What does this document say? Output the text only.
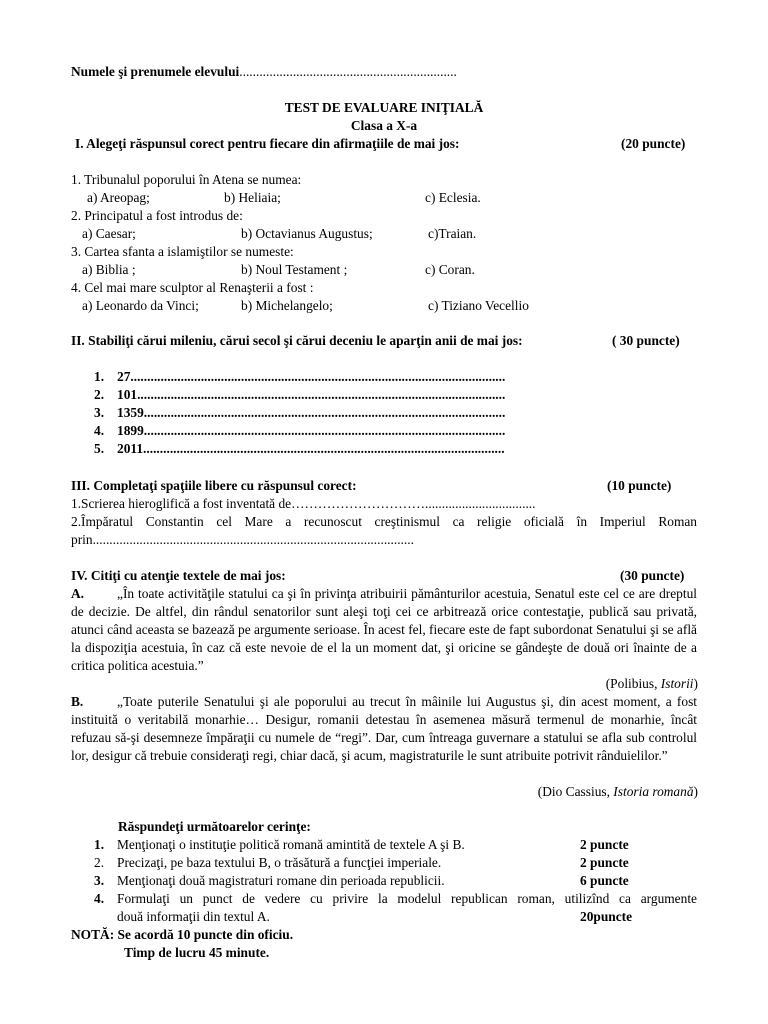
Numele şi prenumele elevului.................................................................
TEST DE EVALUARE INIŢIALĂ
Clasa a X-a
I. Alegeţi răspunsul corect pentru fiecare din afirmaţiile de mai jos:	(20 puncte)
1. Tribunalul poporului în Atena se numea:
a) Areopag;	b) Heliaia;	c) Eclesia.
2. Principatul a fost introdus de:
a) Caesar;	b) Octavianus Augustus;	c)Traian.
3. Cartea sfanta a islamiştilor se numeste:
a) Biblia ;	b) Noul Testament ;	c) Coran.
4. Cel mai mare sculptor al Renaşterii a fost :
a) Leonardo da Vinci;	b) Michelangelo;	c) Tiziano Vecellio
II. Stabiliţi cărui mileniu, cărui secol şi cărui deceniu le aparţin anii de mai jos:	( 30 puncte)
1. 27................................................................................................................
2. 101..............................................................................................................
3. 1359............................................................................................................
4. 1899............................................................................................................
5. 2011............................................................................................................
III. Completaţi spaţiile libere cu răspunsul corect:	(10 puncte)
1.Scrierea hieroglifică a fost inventată de………………………….................................
2.Împăratul Constantin cel Mare a recunoscut creştinismul ca religie oficială în Imperiul Roman prin................................................................................................
IV. Citiţi cu atenţie textele de mai jos:	(30 puncte)
A. „În toate activităţile statului ca şi în privinţa atribuirii pământurilor acestuia, Senatul este cel ce are dreptul de decizie. De altfel, din rândul senatorilor sunt aleşi toţi cei ce arbitrează orice contestaţie, publică sau privată, atunci când aceasta se bazează pe argumente serioase. În acest fel, fiecare este de fapt subordonat Senatului şi se află la dispoziţia acestuia, în caz că este nevoie de el la un moment dat, şi oricine se gândeşte de două ori înainte de a critica politica acestuia.”
(Polibius, Istorii)
B.	„Toate puterile Senatului şi ale poporului au trecut în mâinile lui Augustus şi, din acest moment, a fost instituită o veritabilă monarhie… Desigur, romanii detestau în asemenea măsură termenul de monarhie, încât refuzau să-şi desemneze împăraţii cu numele de “regi”. Dar, cum întreaga guvernare a statului se afla sub controlul lor, desigur că trebuie consideraţi regi, chiar dacă, şi acum, magistraturile le sunt atribuite potrivit rânduielilor.”
(Dio Cassius, Istoria romană)
Răspundeţi următoarelor cerinţe:
1. Menţionaţi o instituţie politică romană amintită de textele A şi B.	2 puncte
2. Precizaţi, pe baza textului B, o trăsătură a funcţiei imperiale.	2 puncte
3. Menţionaţi două magistraturi romane din perioada republicii.	6 puncte
4. Formulaţi un punct de vedere cu privire la modelul republican roman, utilizînd ca argumente
două informaţii din textul A.	20puncte
NOTĂ: Se acordă 10 puncte din oficiu.
Timp de lucru 45 minute.
